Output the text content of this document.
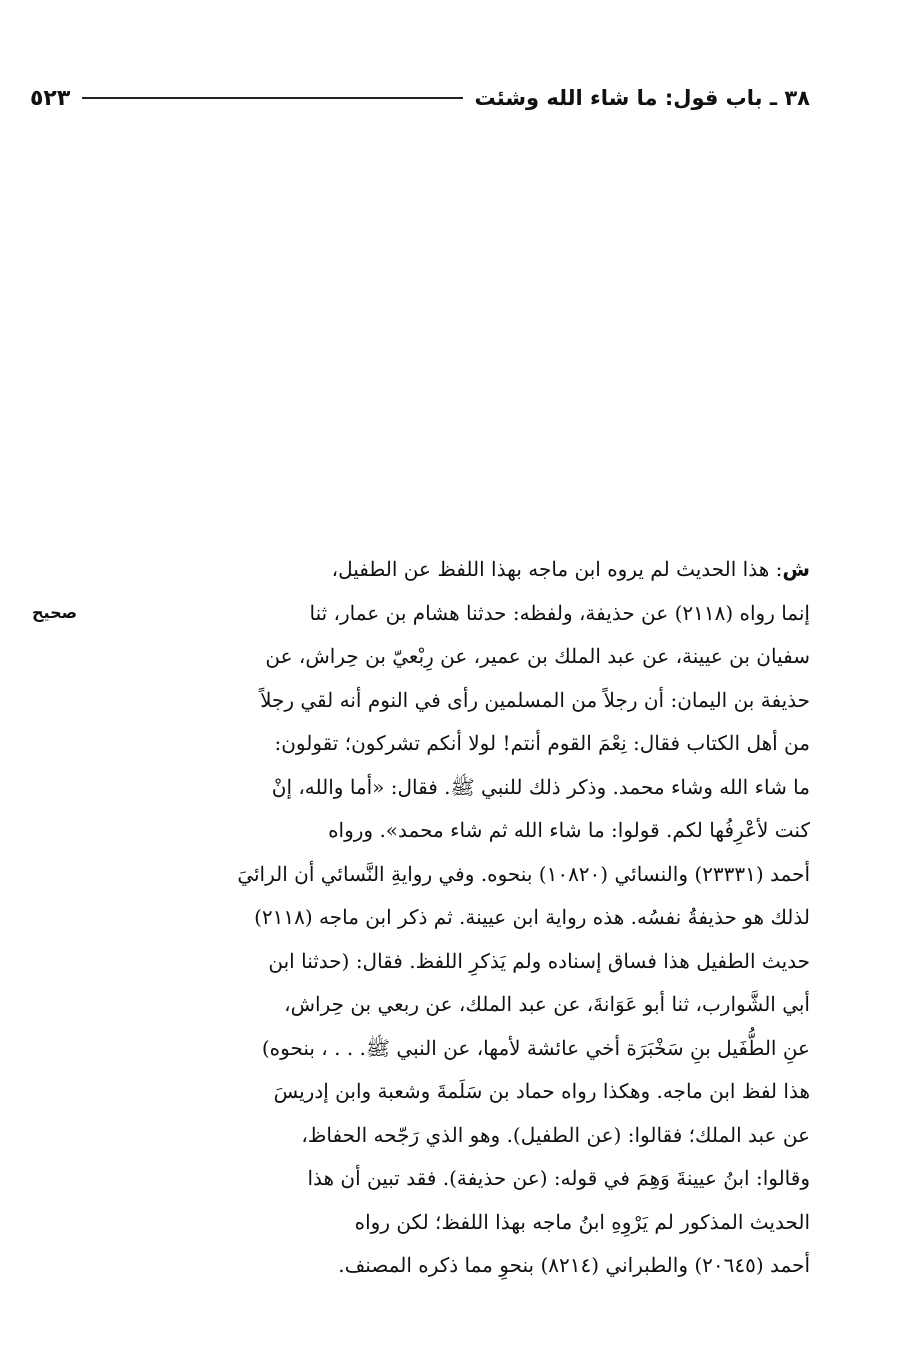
٣٨ ـ باب قول: ما شاء الله وشئت
٥٢٣
صحيح
ش: هذا الحديث لم يروه ابن ماجه بهذا اللفظ عن الطفيل،
إنما رواه (٢١١٨) عن حذيفة، ولفظه: حدثنا هشام بن عمار، ثنا
سفيان بن عيينة، عن عبد الملك بن عمير، عن رِبْعيّ بن حِراش، عن
حذيفة بن اليمان: أن رجلاً من المسلمين رأى في النوم أنه لقي رجلاً
من أهل الكتاب فقال: نِعْمَ القوم أنتم! لولا أنكم تشركون؛ تقولون:
ما شاء الله وشاء محمد. وذكر ذلك للنبي ﷺ. فقال: «أما والله، إنْ
كنت لأعْرِفُها لكم. قولوا: ما شاء الله ثم شاء محمد». ورواه
أحمد (٢٣٣٣١) والنسائي (١٠٨٢٠) بنحوه. وفي روايةِ النَّسائي أن الرائيَ
لذلك هو حذيفةُ نفسُه. هذه رواية ابن عيينة. ثم ذكر ابن ماجه (٢١١٨)
حديث الطفيل هذا فساق إسناده ولم يَذكرِ اللفظ. فقال: (حدثنا ابن
أبي الشَّوارب، ثنا أبو عَوَانةَ، عن عبد الملك، عن ربعي بن حِراش،
عنِ الطُّفَيل بنِ سَخْبَرَة أخي عائشة لأمها، عن النبي ﷺ. . . ، بنحوه)
هذا لفظ ابن ماجه. وهكذا رواه حماد بن سَلَمةَ وشعبة وابن إدريسَ
عن عبد الملك؛ فقالوا: (عن الطفيل). وهو الذي رَجّحه الحفاظ،
وقالوا: ابنُ عيينةَ وَهِمَ في قوله: (عن حذيفة). فقد تبين أن هذا
الحديث المذكور لم يَرْوِهِ ابنُ ماجه بهذا اللفظ؛ لكن رواه
أحمد (٢٠٦٤٥) والطبراني (٨٢١٤) بنحوِ مما ذكره المصنف.
